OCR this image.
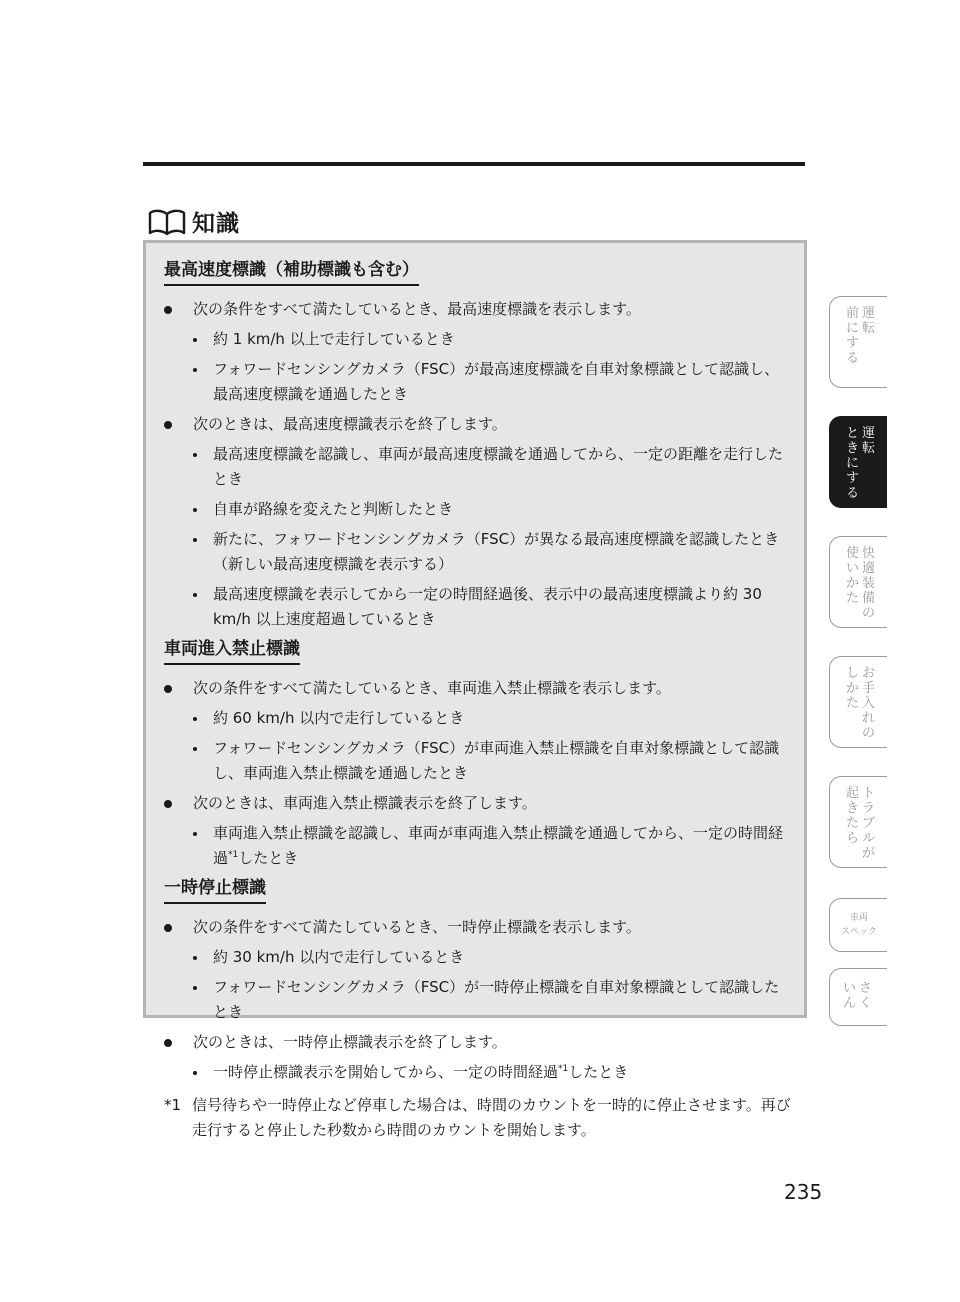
知識
最高速度標識（補助標識も含む）
次の条件をすべて満たしているとき、最高速度標識を表示します。
約 1 km/h 以上で走行しているとき
フォワードセンシングカメラ（FSC）が最高速度標識を自車対象標識として認識し、最高速度標識を通過したとき
次のときは、最高速度標識表示を終了します。
最高速度標識を認識し、車両が最高速度標識を通過してから、一定の距離を走行したとき
自車が路線を変えたと判断したとき
新たに、フォワードセンシングカメラ（FSC）が異なる最高速度標識を認識したとき（新しい最高速度標識を表示する）
最高速度標識を表示してから一定の時間経過後、表示中の最高速度標識より約 30 km/h 以上速度超過しているとき
車両進入禁止標識
次の条件をすべて満たしているとき、車両進入禁止標識を表示します。
約 60 km/h 以内で走行しているとき
フォワードセンシングカメラ（FSC）が車両進入禁止標識を自車対象標識として認識し、車両進入禁止標識を通過したとき
次のときは、車両進入禁止標識表示を終了します。
車両進入禁止標識を認識し、車両が車両進入禁止標識を通過してから、一定の時間経過$^{*1}$したとき
一時停止標識
次の条件をすべて満たしているとき、一時停止標識を表示します。
約 30 km/h 以内で走行しているとき
フォワードセンシングカメラ（FSC）が一時停止標識を自車対象標識として認識したとき
次のときは、一時停止標識表示を終了します。
一時停止標識表示を開始してから、一定の時間経過$^{*1}$したとき
*1 信号待ちや一時停止など停車した場合は、時間のカウントを一時的に停止させます。再び走行すると停止した秒数から時間のカウントを開始します。
運転
前にする
運転
ときにする
快適装備の
使いかた
お手入れの
しかた
トラブルが
起きたら
車両
スペック
さく
いん
235
